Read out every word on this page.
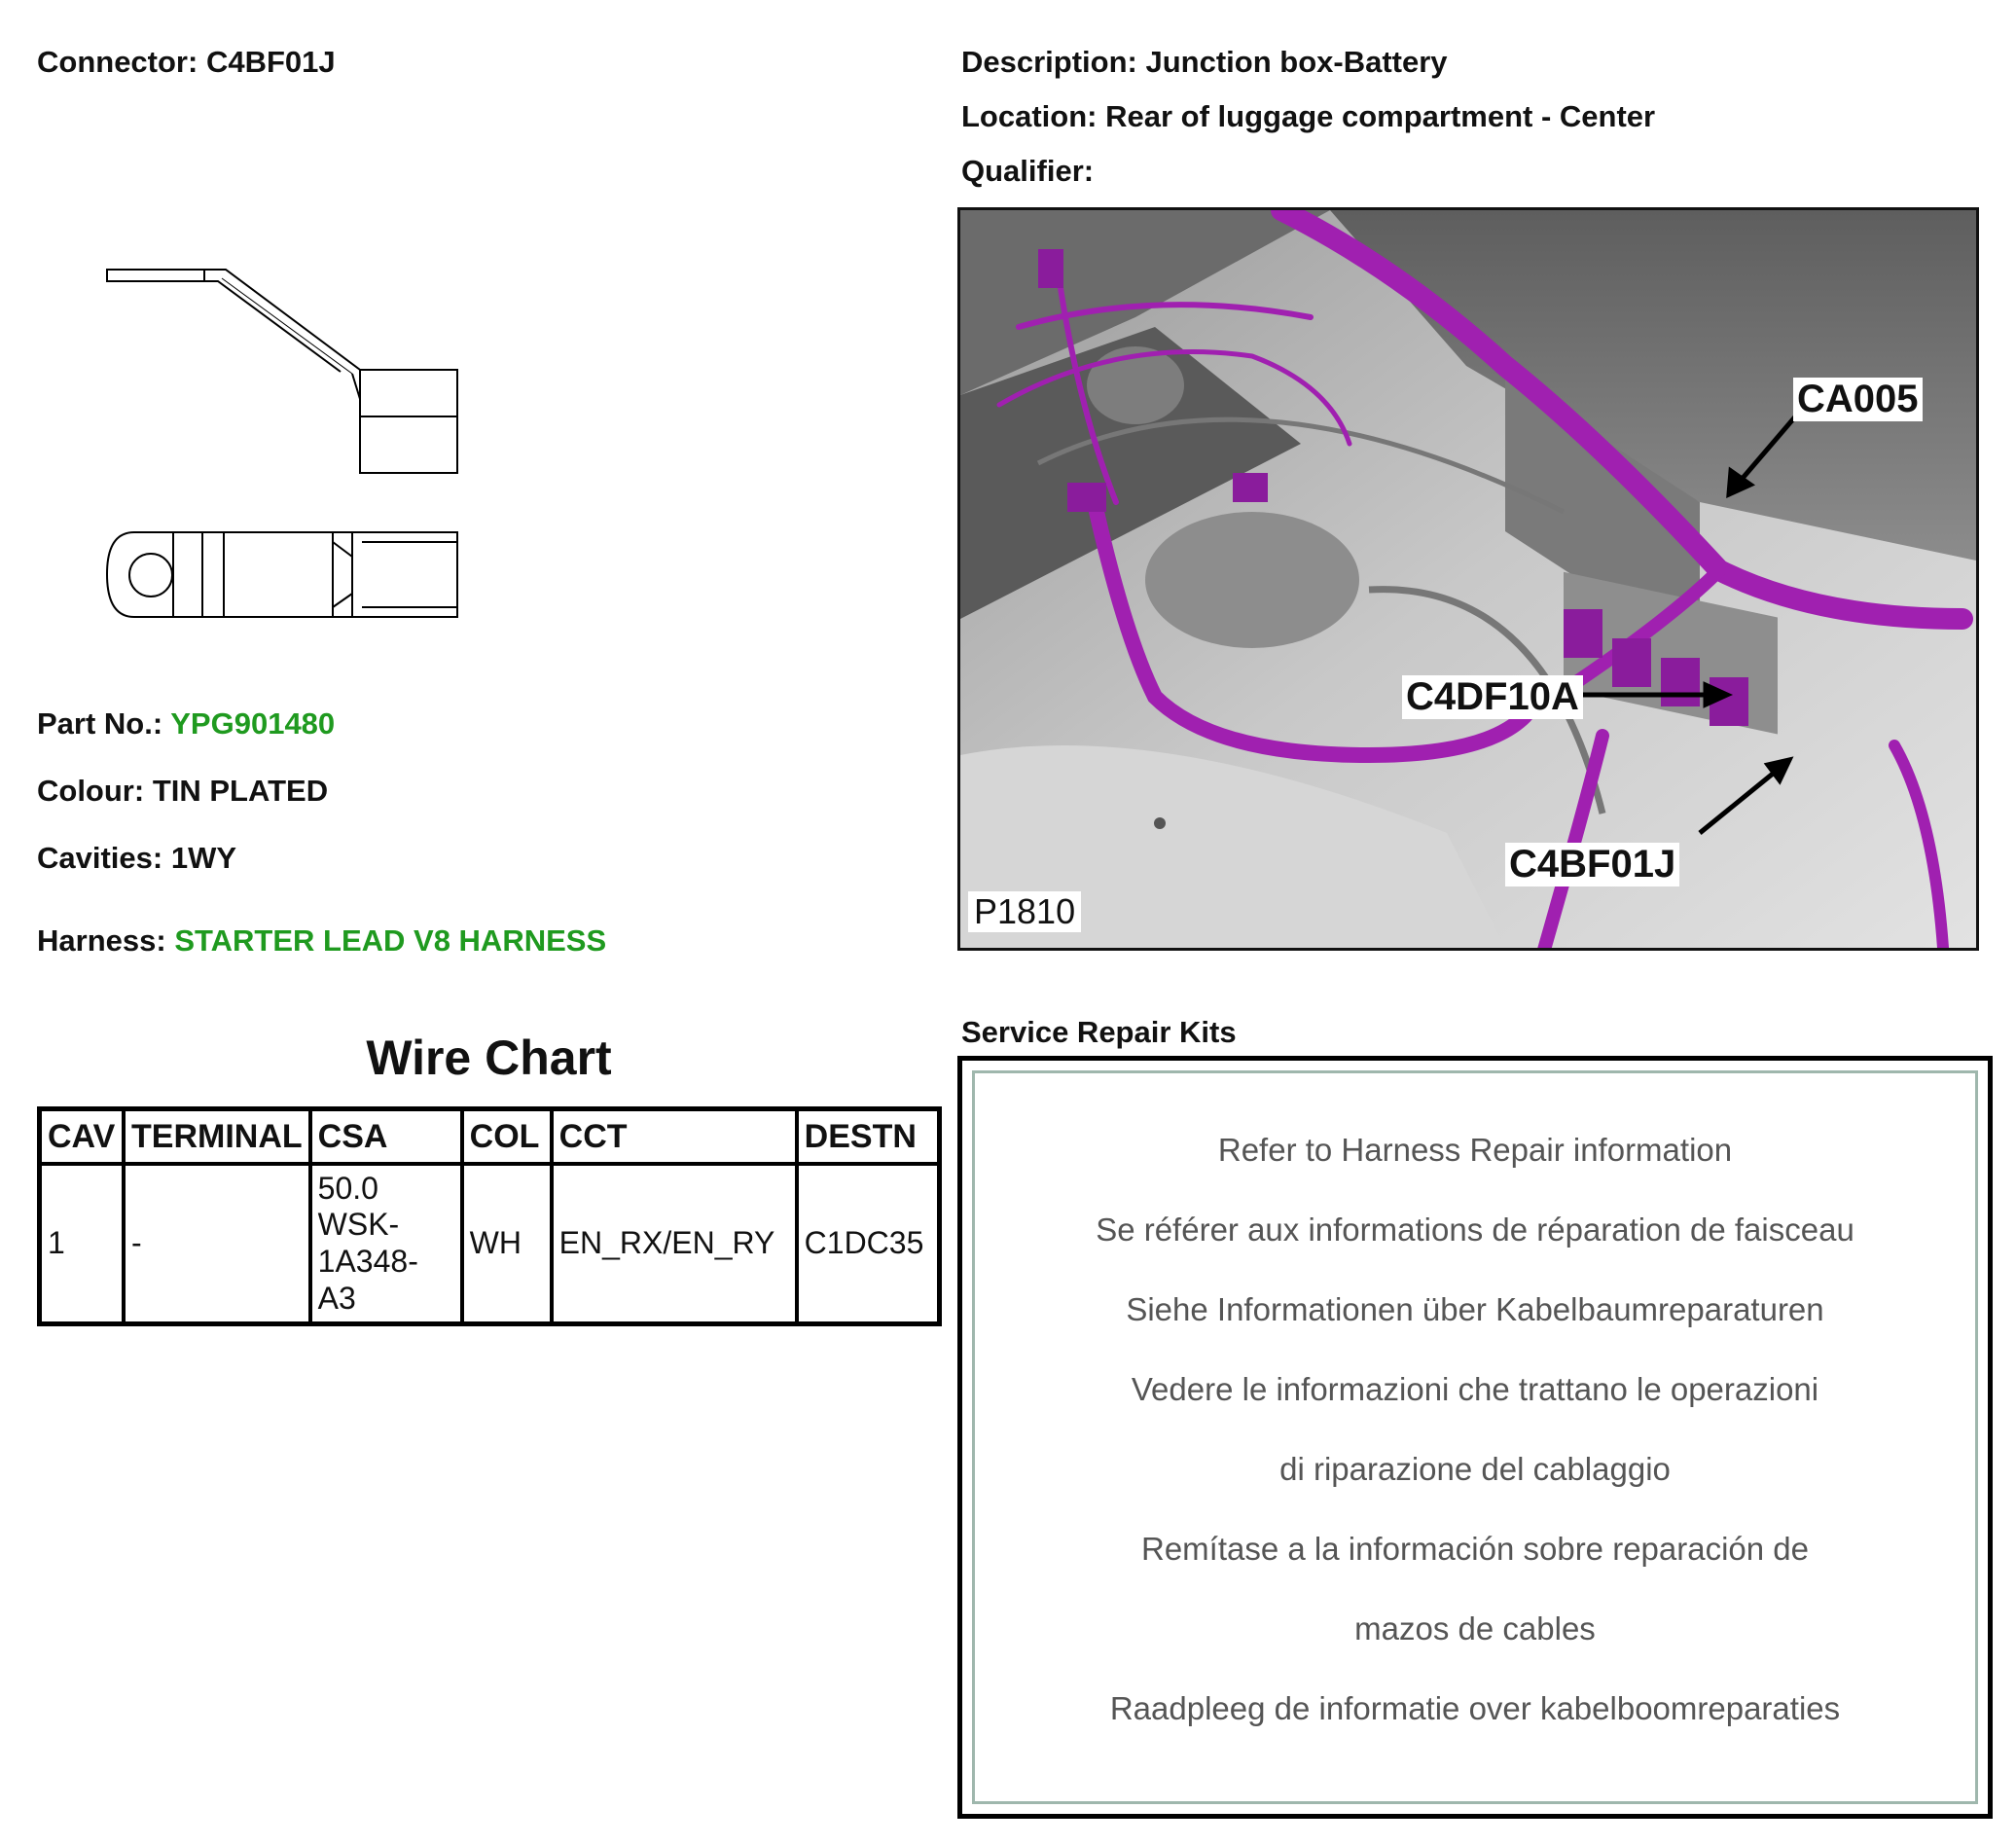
Connector: C4BF01J
Part No.: YPG901480
Colour: TIN PLATED
Cavities: 1WY
Harness: STARTER LEAD V8 HARNESS
Wire Chart
CAV	TERMINAL	CSA	COL	CCT	DESTN
1	-	50.0 WSK-1A348-A3	WH	EN_RX/EN_RY	C1DC35
Description: Junction box-Battery
Location: Rear of luggage compartment - Center
Qualifier:
CA005
C4DF10A
C4BF01J
P1810
Service Repair Kits
Refer to Harness Repair information
Se référer aux informations de réparation de faisceau
Siehe Informationen über Kabelbaumreparaturen
Vedere le informazioni che trattano le operazioni
di riparazione del cablaggio
Remítase a la información sobre reparación de
mazos de cables
Raadpleeg de informatie over kabelboomreparaties
